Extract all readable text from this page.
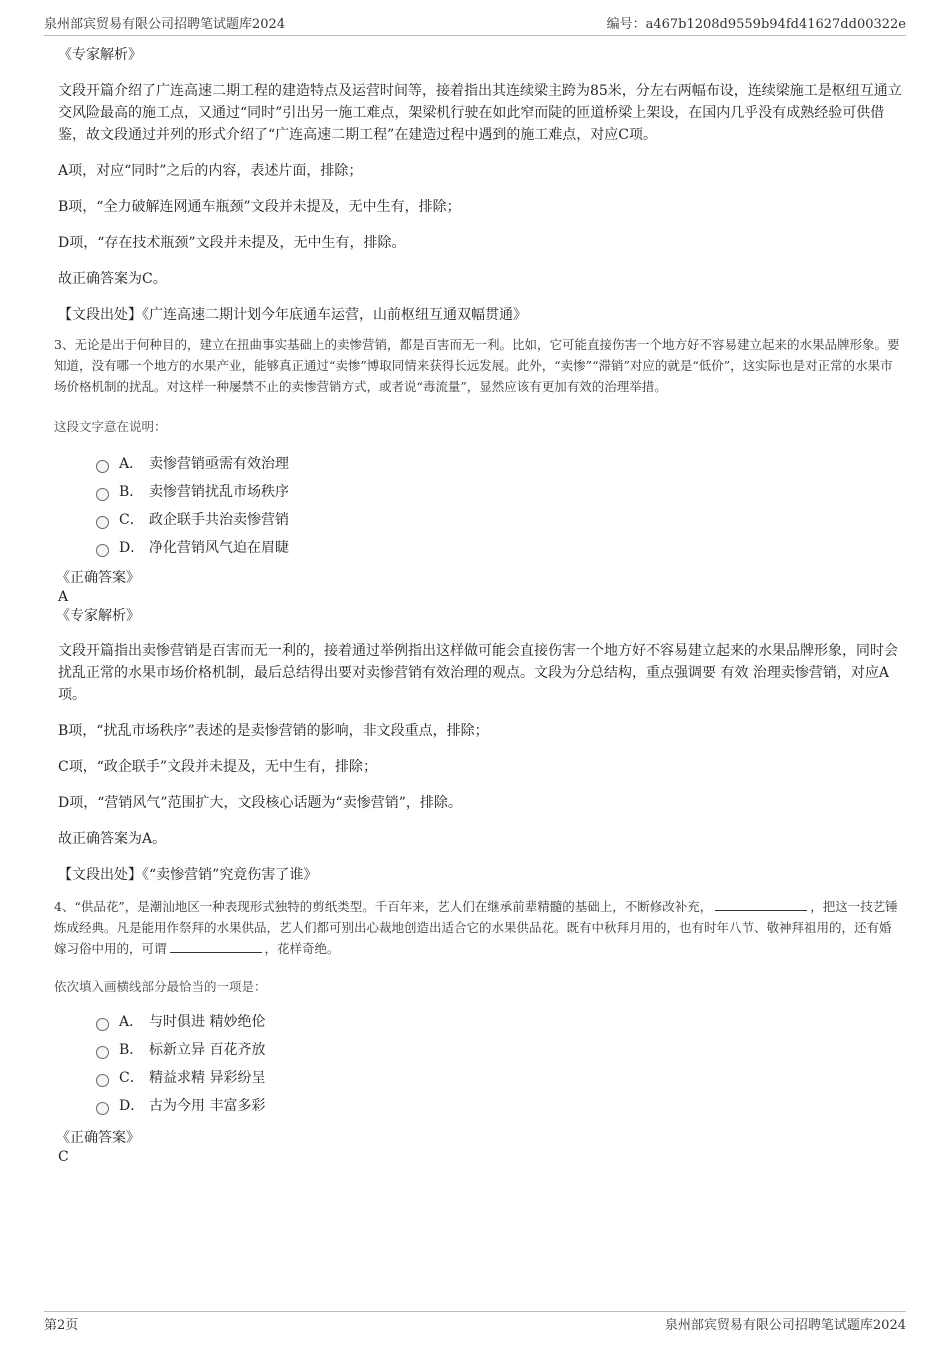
泉州部宾贸易有限公司招聘笔试题库2024	编号：a467b1208d9559b94fd41627dd00322e

《专家解析》

文段开篇介绍了广连高速二期工程的建造特点及运营时间等，接着指出其连续梁主跨为85米，分左右两幅布设，连续梁施工是枢纽互通立交风险最高的施工点，又通过“同时”引出另一施工难点，架梁机行驶在如此窄而陡的匝道桥梁上架设，在国内几乎没有成熟经验可供借鉴，故文段通过并列的形式介绍了“广连高速二期工程”在建造过程中遇到的施工难点，对应C项。

A项，对应“同时”之后的内容，表述片面，排除；

B项，“全力破解连网通车瓶颈”文段并未提及，无中生有，排除；

D项，“存在技术瓶颈”文段并未提及，无中生有，排除。

故正确答案为C。

【文段出处】《广连高速二期计划今年底通车运营，山前枢纽互通双幅贯通》

3、无论是出于何种目的，建立在扭曲事实基础上的卖惨营销，都是百害而无一利。比如，它可能直接伤害一个地方好不容易建立起来的水果品牌形象。要知道，没有哪一个地方的水果产业，能够真正通过“卖惨”博取同情来获得长远发展。此外，“卖惨”“滞销”对应的就是“低价”，这实际也是对正常的水果市场价格机制的扰乱。对这样一种屡禁不止的卖惨营销方式，或者说“毒流量”，显然应该有更加有效的治理举措。

这段文字意在说明：

A． 卖惨营销亟需有效治理
B． 卖惨营销扰乱市场秩序
C． 政企联手共治卖惨营销
D． 净化营销风气迫在眉睫

《正确答案》

A

《专家解析》

文段开篇指出卖惨营销是百害而无一利的，接着通过举例指出这样做可能会直接伤害一个地方好不容易建立起来的水果品牌形象，同时会扰乱正常的水果市场价格机制，最后总结得出要对卖惨营销有效治理的观点。文段为分总结构，重点强调要 有效 治理卖惨营销，对应A项。

B项，“扰乱市场秩序”表述的是卖惨营销的影响，非文段重点，排除；

C项，“政企联手”文段并未提及，无中生有，排除；

D项，“营销风气”范围扩大，文段核心话题为“卖惨营销”，排除。

故正确答案为A。

【文段出处】《“卖惨营销”究竟伤害了谁》

4、“供品花”，是潮汕地区一种表现形式独特的剪纸类型。千百年来，艺人们在继承前辈精髓的基础上，不断修改补充，	，把这一技艺锤炼成经典。凡是能用作祭拜的水果供品，艺人们都可别出心裁地创造出适合它的水果供品花。既有中秋拜月用的，也有时年八节、敬神拜祖用的，还有婚嫁习俗中用的，可谓	，花样奇绝。

依次填入画横线部分最恰当的一项是：

A． 与时俱进 精妙绝伦
B． 标新立异 百花齐放
C． 精益求精 异彩纷呈
D． 古为今用 丰富多彩

《正确答案》

C

第2页	泉州部宾贸易有限公司招聘笔试题库2024
